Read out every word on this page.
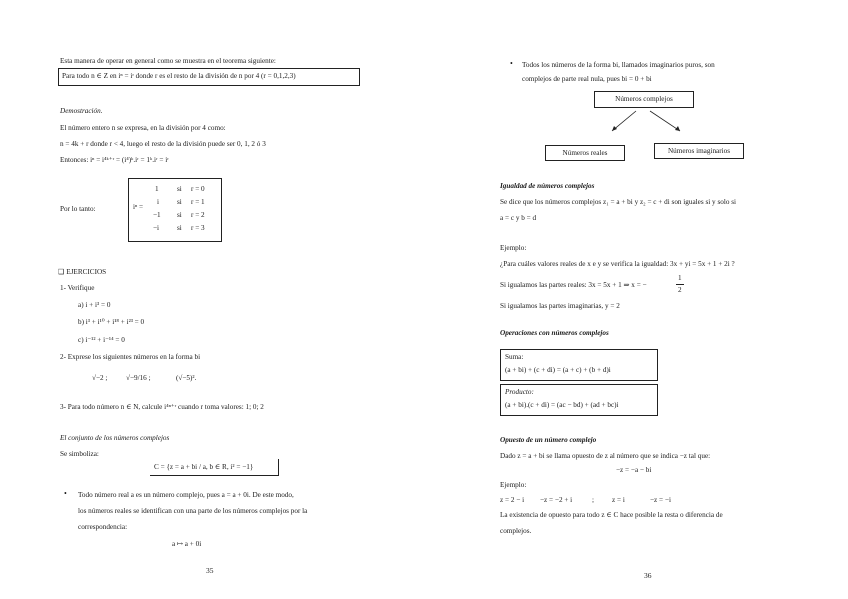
Esta manera de operar en general como se muestra en el teorema siguiente:
Para todo n ∈ Z en iⁿ = iʳ donde r es el resto de la división de n por 4 (r = 0,1,2,3)
Demostración.
El número entero n se expresa, en la división por 4 como:
n = 4k + r donde r < 4, luego el resto de la división puede ser 0, 1, 2 ó 3
Entonces: iⁿ = i⁴ᵏ⁺ʳ = (i⁴)ᵏ.iʳ = 1ᵏ.iʳ = iʳ
Por lo tanto:	iⁿ =
1	si r = 0
i	si r = 1
−1 si r = 2
−i si r = 3
❑ EJERCICIOS
1- Verifique
a) i + i³ = 0
b) i³ + i¹⁰ + i¹⁸ + i²³ = 0
c) i⁻¹² + i⁻¹⁴ = 0
2- Exprese los siguientes números en la forma bi
√−2 ;	√−9/16 ;	(√−5)².
3- Para todo número n ∈ N, calcule i⁴ⁿ⁺ʳ cuando r toma valores: 1; 0; 2
El conjunto de los números complejos
Se simboliza:
C = {z = a + bi / a, b ∈ R, i² = −1}
• Todo número real a es un número complejo, pues a = a + 0i. De este modo,
los números reales se identifican con una parte de los números complejos por la
correspondencia:
a ↦ a + 0i
35
• Todos los números de la forma bi, llamados imaginarios puros, son
complejos de parte real nula, pues bi = 0 + bi
Números complejos
Números reales	Números imaginarios
Igualdad de números complejos
Se dice que los números complejos z₁ = a + bi y z₂ = c + di son iguales si y solo si
a = c y b = d
Ejemplo:
¿Para cuáles valores reales de x e y se verifica la igualdad: 3x + yi = 5x + 1 + 2i ?
Si igualamos las partes reales: 3x = 5x + 1 ⇒ x = −
1
2
Si igualamos las partes imaginarias, y = 2
Operaciones con números complejos
Suma:
(a + bi) + (c + di) = (a + c) + (b + d)i
Producto:
(a + bi).(c + di) = (ac − bd) + (ad + bc)i
Opuesto de un número complejo
Dado z = a + bi se llama opuesto de z al número que se indica −z tal que:
−z = −a − bi
Ejemplo:
z = 2 − i −z = −2 + i	;	z = i	−z = −i
La existencia de opuesto para todo z ∈ C hace posible la resta o diferencia de
complejos.
36
